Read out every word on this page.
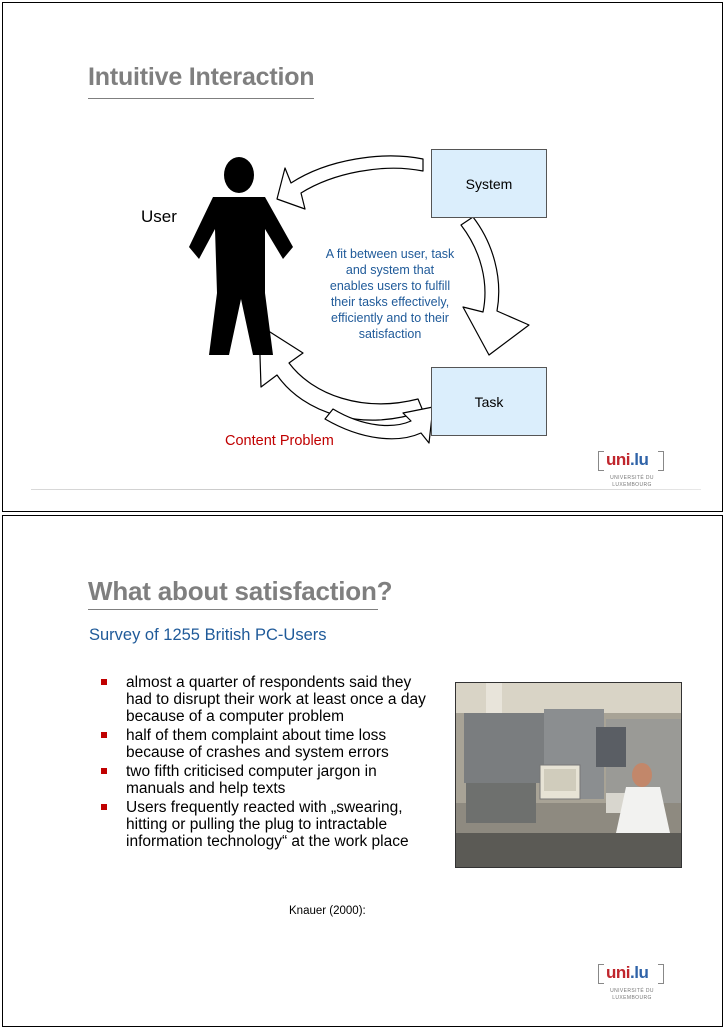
Intuitive Interaction
System
Task

User

A fit between user, task and system that enables users to fulfill their tasks effectively, efficiently and to their satisfaction

Content Problem

uni.lu
UNIVERSITÉ DU
LUXEMBOURG
What about satisfaction?

Survey of 1255 British PC-Users

almost a quarter of respondents said they had to disrupt their work at least once a day because of a computer problem
half of them complaint about time loss because of crashes and system errors
two fifth criticised computer jargon in manuals and help texts
Users frequently reacted with „swearing, hitting or pulling the plug to intractable information technology“ at the work place

Knauer (2000):

uni.lu
UNIVERSITÉ DU
LUXEMBOURG
